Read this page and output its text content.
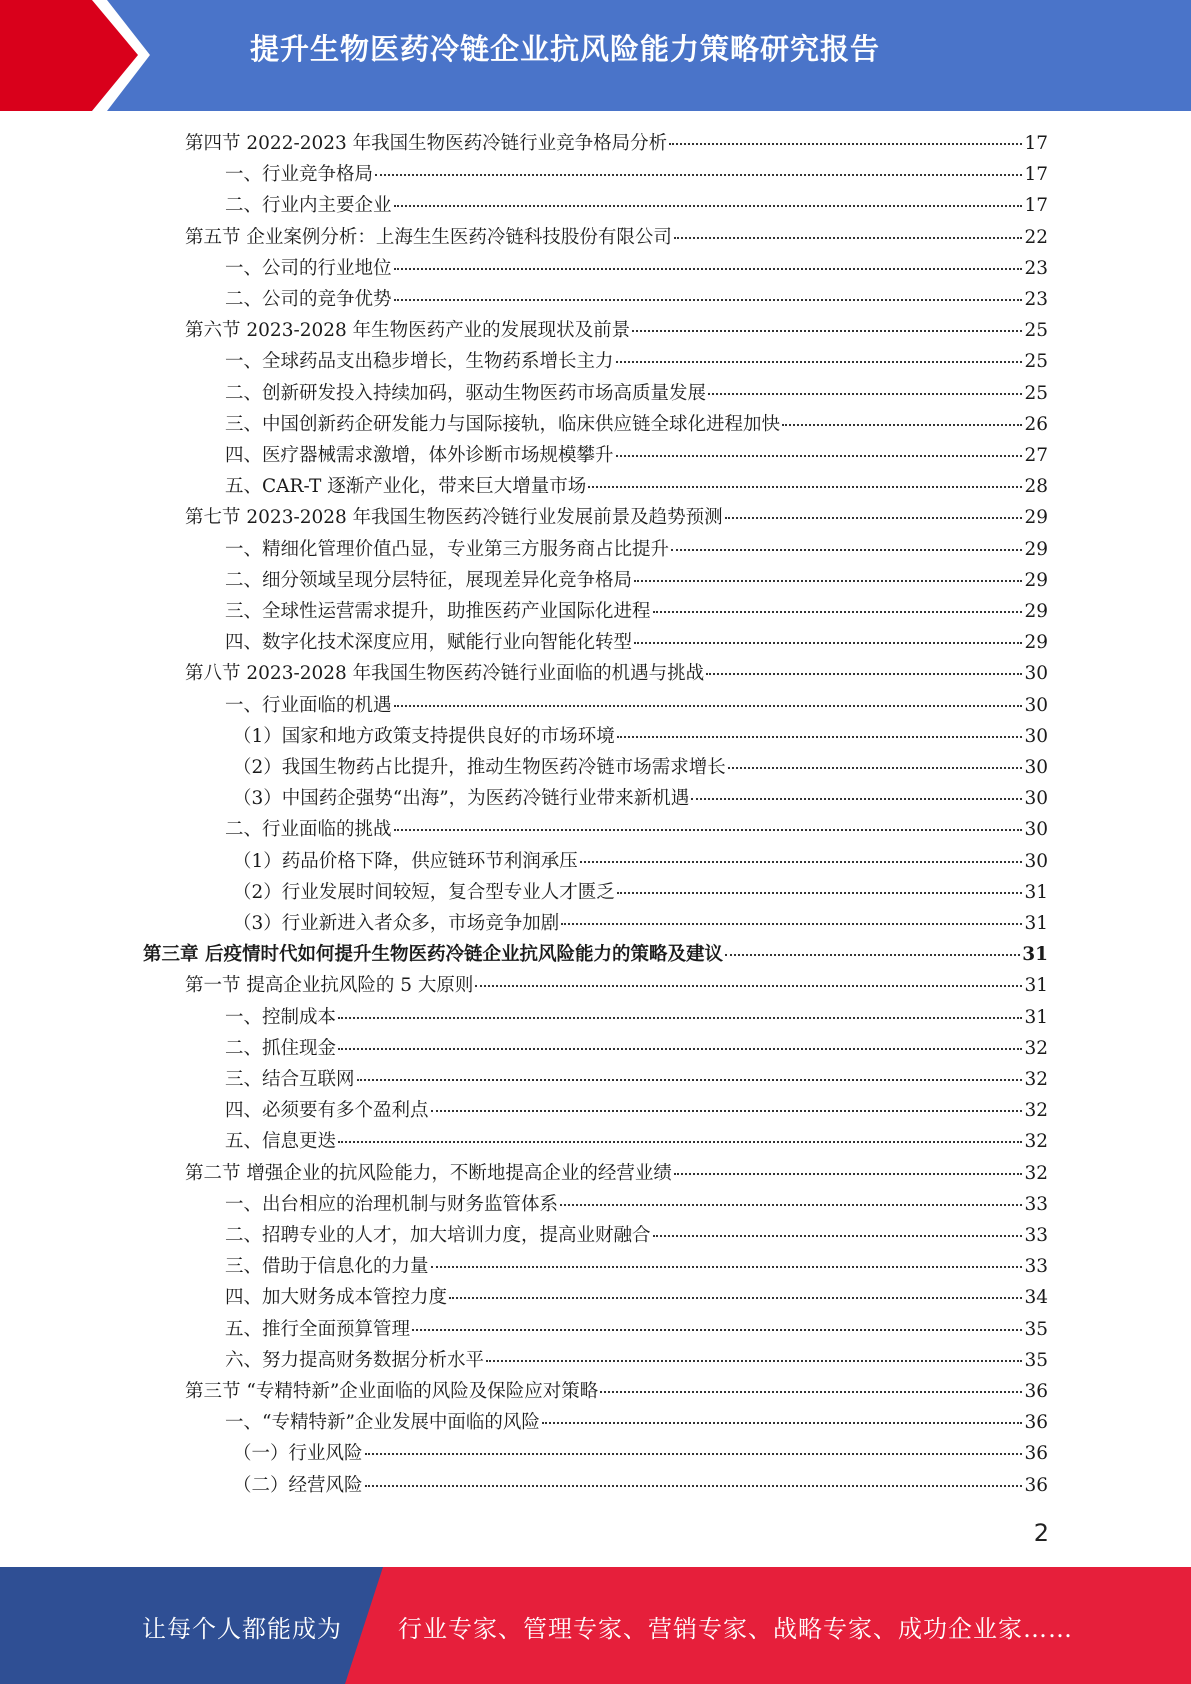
提升生物医药冷链企业抗风险能力策略研究报告
第四节 2022-2023 年我国生物医药冷链行业竞争格局分析	17
一、行业竞争格局	17
二、行业内主要企业	17
第五节 企业案例分析：上海生生医药冷链科技股份有限公司	22
一、公司的行业地位	23
二、公司的竞争优势	23
第六节 2023-2028 年生物医药产业的发展现状及前景	25
一、全球药品支出稳步增长，生物药系增长主力	25
二、创新研发投入持续加码，驱动生物医药市场高质量发展	25
三、中国创新药企研发能力与国际接轨，临床供应链全球化进程加快	26
四、医疗器械需求激增，体外诊断市场规模攀升	27
五、CAR-T 逐渐产业化，带来巨大增量市场	28
第七节 2023-2028 年我国生物医药冷链行业发展前景及趋势预测	29
一、精细化管理价值凸显，专业第三方服务商占比提升	29
二、细分领域呈现分层特征，展现差异化竞争格局	29
三、全球性运营需求提升，助推医药产业国际化进程	29
四、数字化技术深度应用，赋能行业向智能化转型	29
第八节 2023-2028 年我国生物医药冷链行业面临的机遇与挑战	30
一、行业面临的机遇	30
（1）国家和地方政策支持提供良好的市场环境	30
（2）我国生物药占比提升，推动生物医药冷链市场需求增长	30
（3）中国药企强势“出海”，为医药冷链行业带来新机遇	30
二、行业面临的挑战	30
（1）药品价格下降，供应链环节利润承压	30
（2）行业发展时间较短，复合型专业人才匮乏	31
（3）行业新进入者众多，市场竞争加剧	31
第三章 后疫情时代如何提升生物医药冷链企业抗风险能力的策略及建议	31
第一节 提高企业抗风险的 5 大原则	31
一、控制成本	31
二、抓住现金	32
三、结合互联网	32
四、必须要有多个盈利点	32
五、信息更迭	32
第二节 增强企业的抗风险能力，不断地提高企业的经营业绩	32
一、出台相应的治理机制与财务监管体系	33
二、招聘专业的人才，加大培训力度，提高业财融合	33
三、借助于信息化的力量	33
四、加大财务成本管控力度	34
五、推行全面预算管理	35
六、努力提高财务数据分析水平	35
第三节 “专精特新”企业面临的风险及保险应对策略	36
一、“专精特新”企业发展中面临的风险	36
（一）行业风险	36
（二）经营风险	36
2
让每个人都能成为 行业专家、管理专家、营销专家、战略专家、成功企业家……
